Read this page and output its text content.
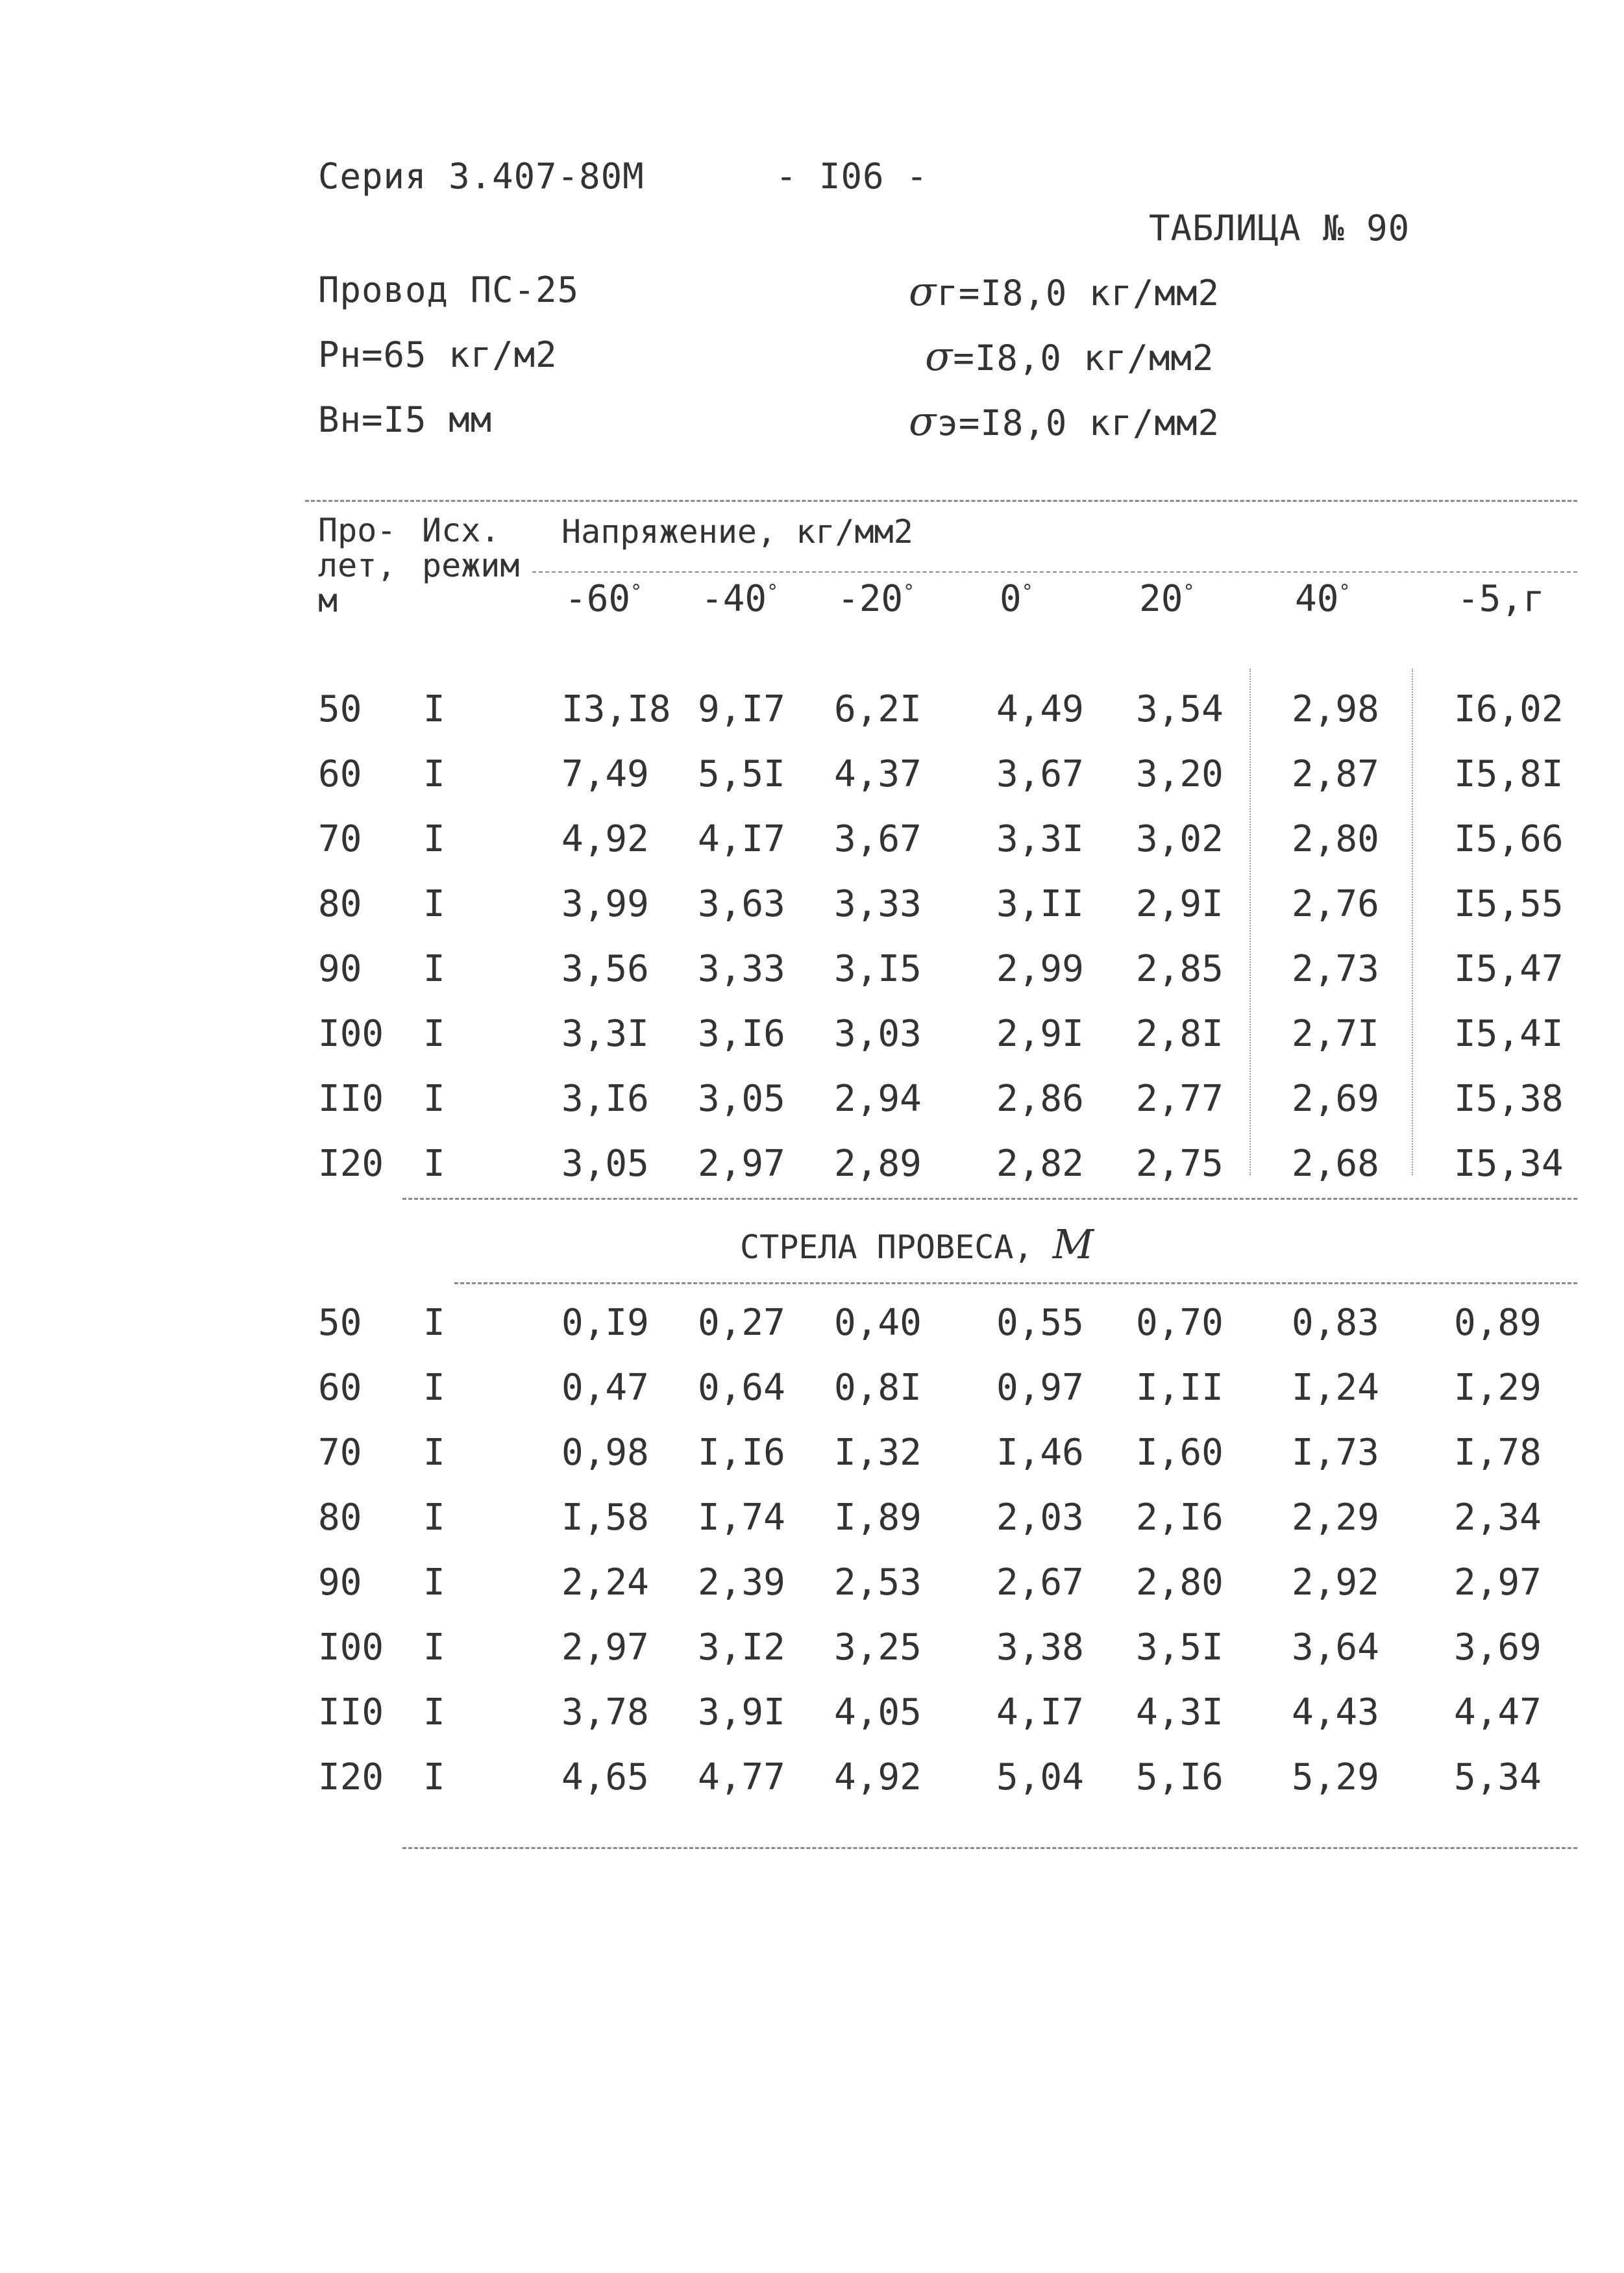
Серия 3.407-80М	- I06 -
ТАБЛИЦА № 90
Провод ПС-25
Рн=65 кг/м2
Вн=I5 мм
σг=I8,0 кг/мм2
σ=I8,0 кг/мм2
σэ=I8,0 кг/мм2
Про-
лет,
м
Исх.
режим
Напряжение, кг/мм2
-60° -40° -20° 0°	20°	40°	-5,г
50 I	I3,I8 9,I7 6,2I 4,49 3,54 2,98 I6,02
60 I	7,49 5,5I 4,37 3,67 3,20 2,87 I5,8I
70 I	4,92 4,I7 3,67 3,3I 3,02 2,80 I5,66
80 I	3,99 3,63 3,33 3,II 2,9I 2,76 I5,55
90 I	3,56 3,33 3,I5 2,99 2,85 2,73 I5,47
I00 I	3,3I 3,I6 3,03 2,9I 2,8I 2,7I I5,4I
II0 I	3,I6 3,05 2,94 2,86 2,77 2,69 I5,38
I20 I	3,05 2,97 2,89 2,82 2,75 2,68 I5,34
СТРЕЛА ПРОВЕСА, М
50 I	0,I9 0,27 0,40 0,55 0,70 0,83 0,89
60 I	0,47 0,64 0,8I 0,97 I,II I,24 I,29
70 I	0,98 I,I6 I,32 I,46 I,60 I,73 I,78
80 I	I,58 I,74 I,89 2,03 2,I6 2,29 2,34
90 I	2,24 2,39 2,53 2,67 2,80 2,92 2,97
I00 I	2,97 3,I2 3,25 3,38 3,5I 3,64 3,69
II0 I	3,78 3,9I 4,05 4,I7 4,3I 4,43 4,47
I20 I	4,65 4,77 4,92 5,04 5,I6 5,29 5,34
